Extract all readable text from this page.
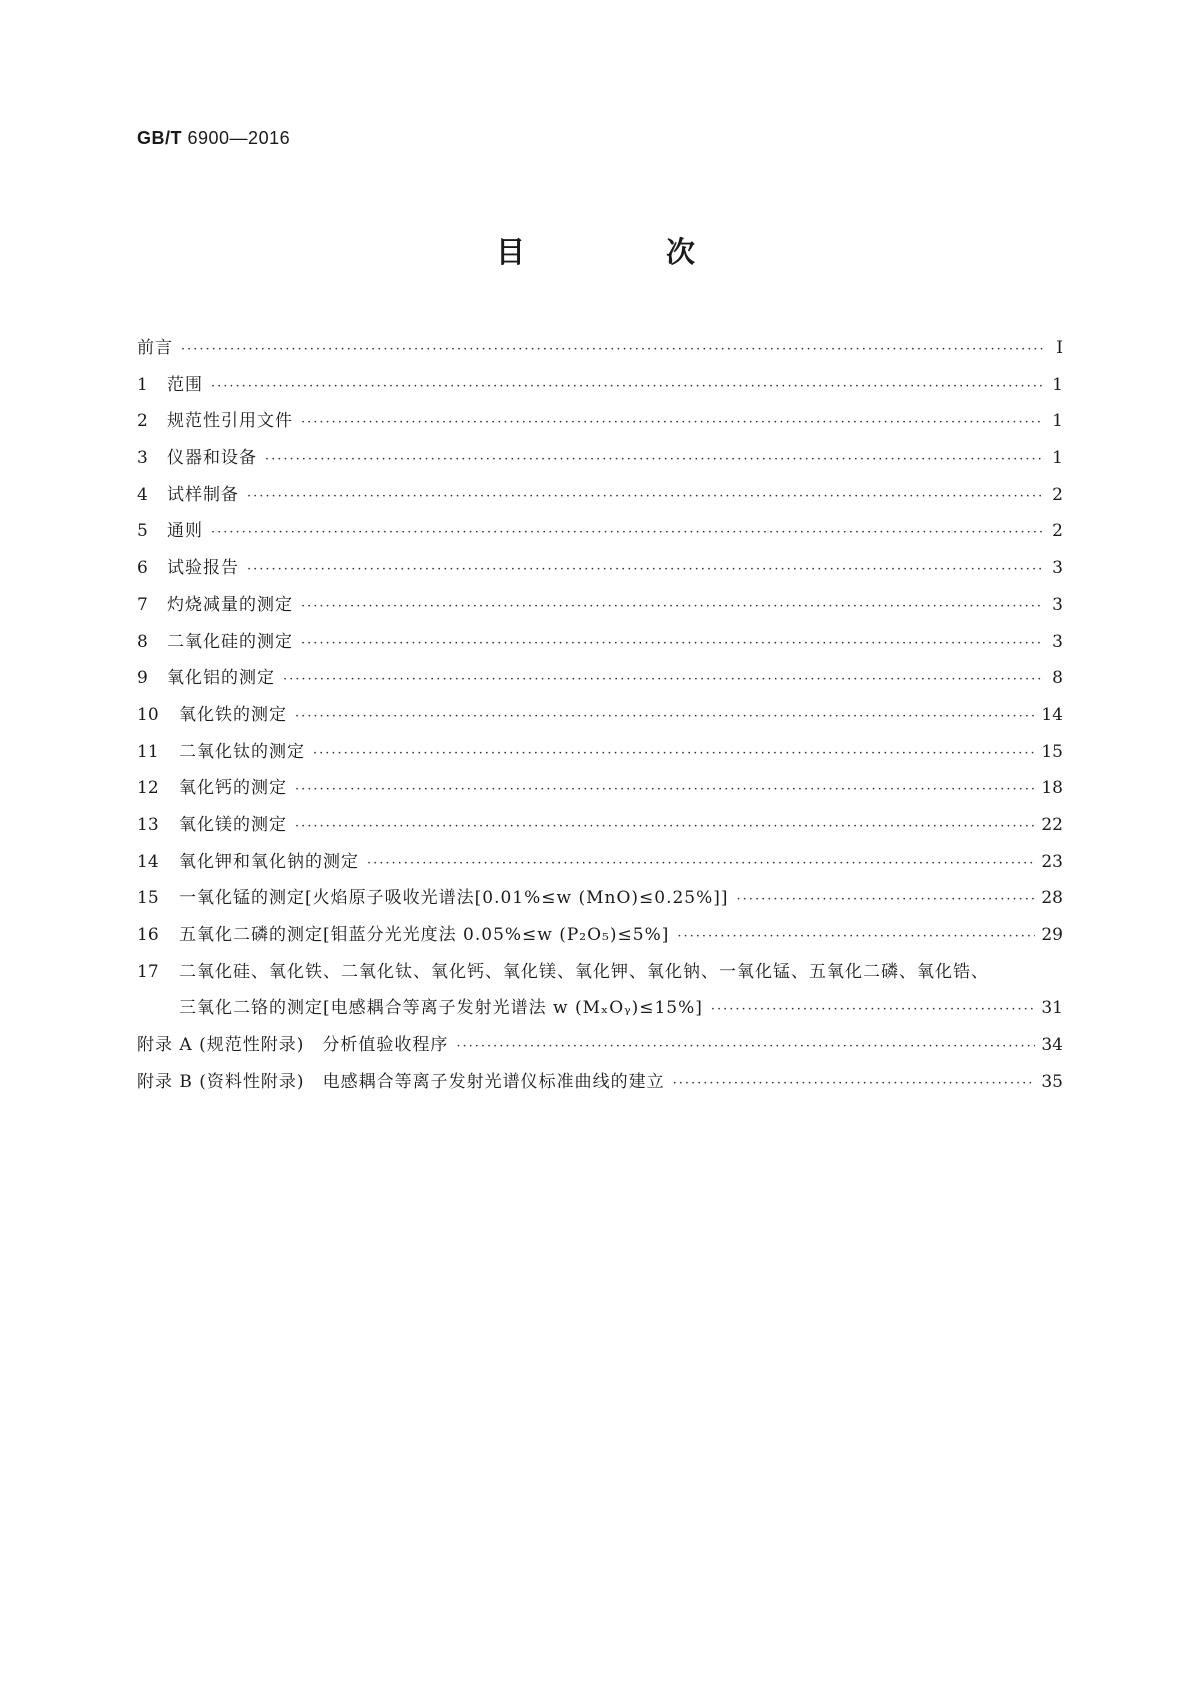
GB/T 6900—2016
目　次
前言 ·····	Ⅰ
1	范围 ·····	1
2	规范性引用文件 ·····	1
3	仪器和设备 ·····	1
4	试样制备 ·····	2
5	通则 ·····	2
6	试验报告 ·····	3
7	灼烧减量的测定 ·····	3
8	二氧化硅的测定 ·····	3
9	氧化铝的测定 ·····	8
10	氧化铁的测定 ·····	14
11	二氧化钛的测定 ·····	15
12	氧化钙的测定 ·····	18
13	氧化镁的测定 ·····	22
14	氧化钾和氧化钠的测定 ·····	23
15	一氧化锰的测定[火焰原子吸收光谱法[0.01%≤w (MnO)≤0.25%]] ·····	28
16	五氧化二磷的测定[钼蓝分光光度法 0.05%≤w (P₂O₅)≤5%] ·····	29
17	二氧化硅、氧化铁、二氧化钛、氧化钙、氧化镁、氧化钾、氧化钠、一氧化锰、五氧化二磷、氧化锆、
三氧化二铬的测定[电感耦合等离子发射光谱法 w (MₓOᵧ)≤15%] ·····	31
附录 A (规范性附录)　分析值验收程序 ·····	34
附录 B (资料性附录)　电感耦合等离子发射光谱仪标准曲线的建立 ·····	35
